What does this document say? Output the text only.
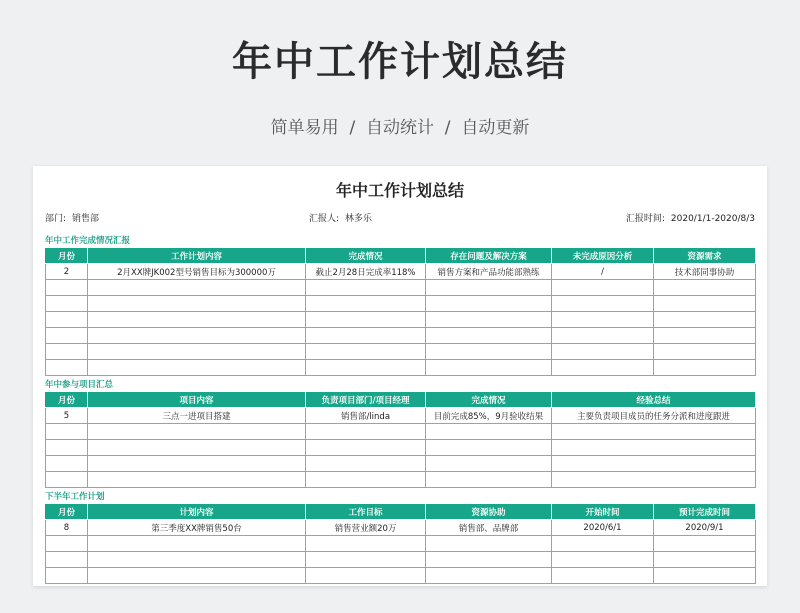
年中工作计划总结
简单易用  /  自动统计  /  自动更新
年中工作计划总结
部门: 销售部	汇报人: 林多乐	汇报时间: 2020/1/1-2020/8/3
年中工作完成情况汇报
月份	工作计划内容	完成情况	存在问题及解决方案	未完成原因分析	资源需求
2	2月XX牌JK002型号销售目标为300000万	截止2月28日完成率118%	销售方案和产品功能部熟练	/	技术部同事协助

年中参与项目汇总
月份	项目内容	负责项目部门/项目经理	完成情况	经验总结
5	三点一进项目搭建	销售部/linda	目前完成85%，9月验收结果	主要负责项目成员的任务分派和进度跟进

下半年工作计划
月份	计划内容	工作目标	资源协助	开始时间	预计完成时间
8	第三季度XX牌销售50台	销售营业额20万	销售部、品牌部	2020/6/1	2020/9/1
